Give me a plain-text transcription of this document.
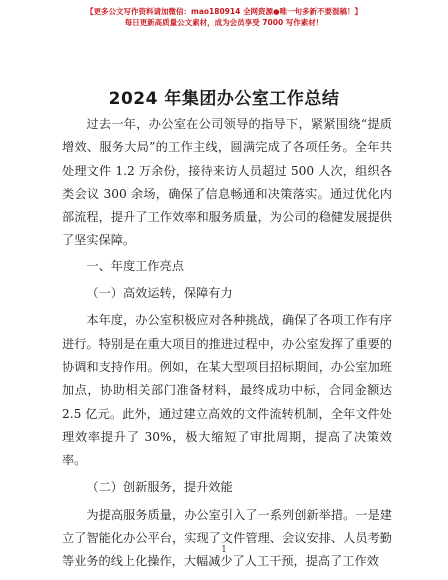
【更多公文写作资料请加微信：mao180914 全网资源●唯一句多新不要混稿！】
每日更新高质量公文素材，成为会员享受 7000 写作素材！
2024 年集团办公室工作总结

过去一年，办公室在公司领导的指导下，紧紧围绕“提质增效、服务大局”的工作主线，圆满完成了各项任务。全年共处理文件 1.2 万余份，接待来访人员超过 500 人次，组织各类会议 300 余场，确保了信息畅通和决策落实。通过优化内部流程，提升了工作效率和服务质量，为公司的稳健发展提供了坚实保障。

一、年度工作亮点

（一）高效运转，保障有力

本年度，办公室积极应对各种挑战，确保了各项工作有序进行。特别是在重大项目的推进过程中，办公室发挥了重要的协调和支持作用。例如，在某大型项目招标期间，办公室加班加点，协助相关部门准备材料，最终成功中标，合同金额达 2.5 亿元。此外，通过建立高效的文件流转机制，全年文件处理效率提升了 30%，极大缩短了审批周期，提高了决策效率。

（二）创新服务，提升效能

为提高服务质量，办公室引入了一系列创新举措。一是建立了智能化办公平台，实现了文件管理、会议安排、人员考勤等业务的线上化操作，大幅减少了人工干预，提高了工作效

1
